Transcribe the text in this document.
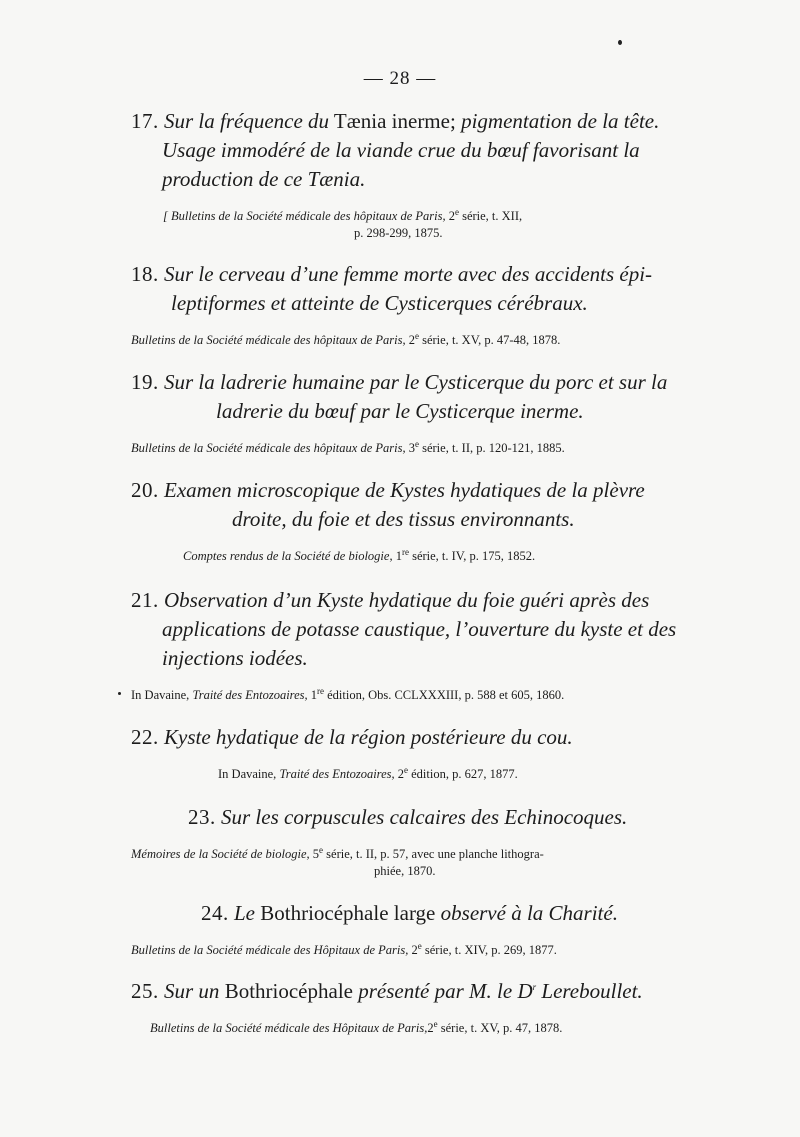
— 28 —

17. Sur la fréquence du Tænia inerme; pigmentation de la tête.

Usage immodéré de la viande crue du bœuf favorisant la

production de ce Tænia.

[ Bulletins de la Société médicale des hôpitaux de Paris, 2e série, t. XII,

p. 298-299, 1875.

18. Sur le cerveau d’une femme morte avec des accidents épi-

leptiformes et atteinte de Cysticerques cérébraux.

Bulletins de la Société médicale des hôpitaux de Paris, 2e série, t. XV, p. 47-48, 1878.

19. Sur la ladrerie humaine par le Cysticerque du porc et sur la

ladrerie du bœuf par le Cysticerque inerme.

Bulletins de la Société médicale des hôpitaux de Paris, 3e série, t. II, p. 120-121, 1885.

20. Examen microscopique de Kystes hydatiques de la plèvre

droite, du foie et des tissus environnants.

Comptes rendus de la Société de biologie, 1re série, t. IV, p. 175, 1852.

21. Observation d’un Kyste hydatique du foie guéri après des

applications de potasse caustique, l’ouverture du kyste et des

injections iodées.

In Davaine, Traité des Entozoaires, 1re édition, Obs. CCLXXXIII, p. 588 et 605, 1860.

22. Kyste hydatique de la région postérieure du cou.

In Davaine, Traité des Entozoaires, 2e édition, p. 627, 1877.

23. Sur les corpuscules calcaires des Echinocoques.

Mémoires de la Société de biologie, 5e série, t. II, p. 57, avec une planche lithogra-

phiée, 1870.

24. Le Bothriocéphale large observé à la Charité.

Bulletins de la Société médicale des Hôpitaux de Paris, 2e série, t. XIV, p. 269, 1877.

25. Sur un Bothriocéphale présenté par M. le $D^r$ Lereboullet.

Bulletins de la Société médicale des Hôpitaux de Paris,2e série, t. XV, p. 47, 1878.
